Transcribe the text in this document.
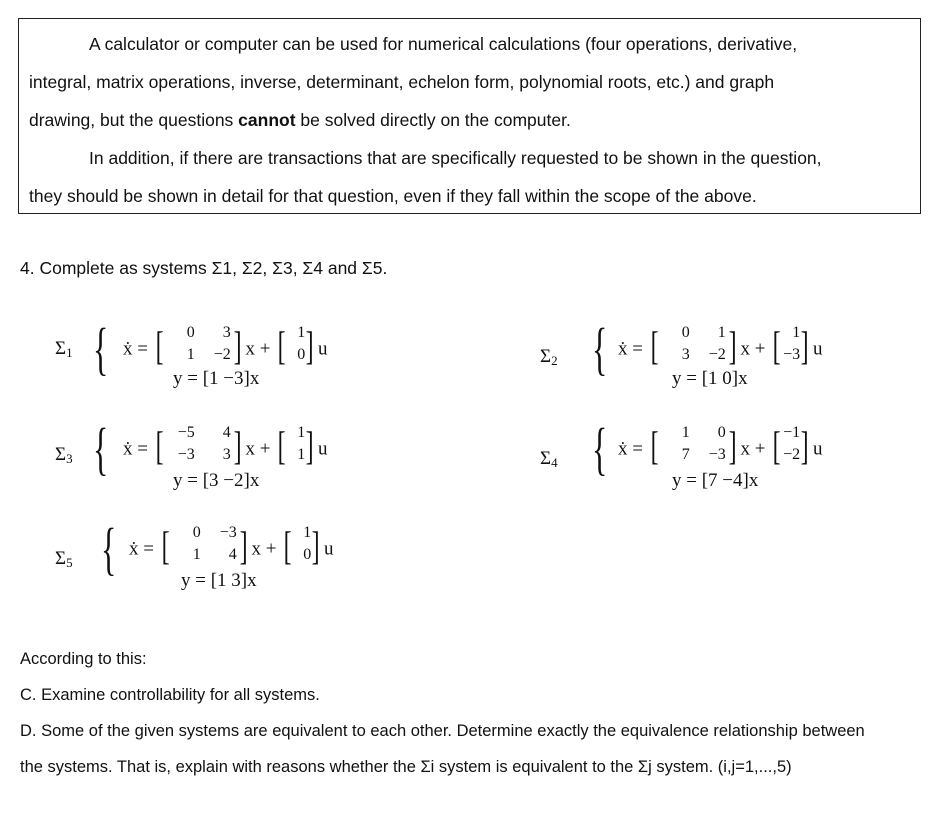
A calculator or computer can be used for numerical calculations (four operations, derivative,

integral, matrix operations, inverse, determinant, echelon form, polynomial roots, etc.) and graph

drawing, but the questions cannot be solved directly on the computer.

In addition, if there are transactions that are specifically requested to be shown in the question,

they should be shown in detail for that question, even if they fall within the scope of the above.

4. Complete as systems Σ1, Σ2, Σ3, Σ4 and Σ5.
$\Sigma_1$ { ẋ = [	0	3
1	−2 ] x + [ 1
0 ] u
y = [1 −3]x
$\Sigma_2$ { ẋ = [	0	1
3	−2 ] x + [ 1
−3 ] u
y = [1 0]x
$\Sigma_3$ { ẋ = [ −5	4
−3	3 ] x + [ 1
1 ] u
y = [3 −2]x
$\Sigma_4$ { ẋ = [	1	0
7	−3 ] x + [ −1
−2 ] u
y = [7 −4]x
$\Sigma_5$ { ẋ = [	0	−3
1	4 ] x + [ 1
0 ] u
y = [1 3]x
According to this:
C. Examine controllability for all systems.
D. Some of the given systems are equivalent to each other. Determine exactly the equivalence relationship between
the systems. That is, explain with reasons whether the Σi system is equivalent to the Σj system. (i,j=1,...,5)
